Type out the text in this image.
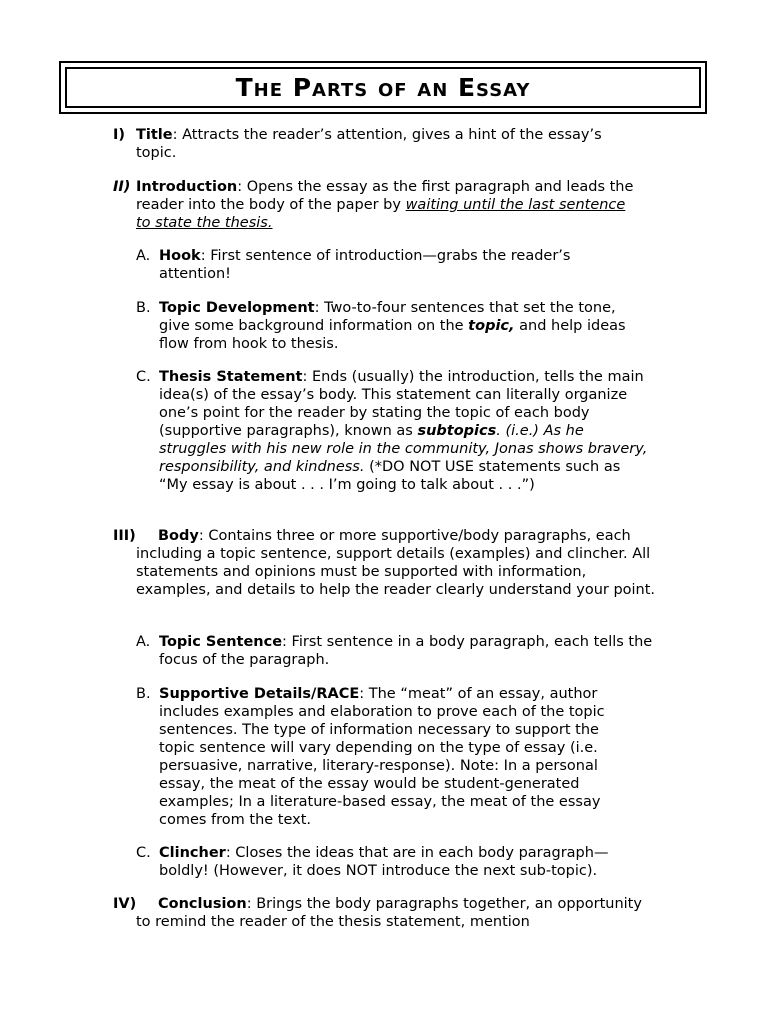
The Parts of an Essay
I) Title: Attracts the reader’s attention, gives a hint of the essay’s topic.
II) Introduction: Opens the essay as the first paragraph and leads the reader into the body of the paper by waiting until the last sentence to state the thesis.
A. Hook: First sentence of introduction—grabs the reader’s attention!
B. Topic Development: Two-to-four sentences that set the tone, give some background information on the topic, and help ideas flow from hook to thesis.
C. Thesis Statement: Ends (usually) the introduction, tells the main idea(s) of the essay’s body. This statement can literally organize one’s point for the reader by stating the topic of each body (supportive paragraphs), known as subtopics. (i.e.) As he struggles with his new role in the community, Jonas shows bravery, responsibility, and kindness. (*DO NOT USE statements such as “My essay is about . . . I’m going to talk about . . .”)
III)	Body: Contains three or more supportive/body paragraphs, each including a topic sentence, support details (examples) and clincher. All statements and opinions must be supported with information, examples, and details to help the reader clearly understand your point.
A. Topic Sentence: First sentence in a body paragraph, each tells the focus of the paragraph.
B. Supportive Details/RACE: The “meat” of an essay, author includes examples and elaboration to prove each of the topic sentences. The type of information necessary to support the topic sentence will vary depending on the type of essay (i.e. persuasive, narrative, literary-response). Note: In a personal essay, the meat of the essay would be student-generated examples; In a literature-based essay, the meat of the essay comes from the text.
C. Clincher: Closes the ideas that are in each body paragraph—boldly! (However, it does NOT introduce the next sub-topic).
IV)	Conclusion: Brings the body paragraphs together, an opportunity to remind the reader of the thesis statement, mention
